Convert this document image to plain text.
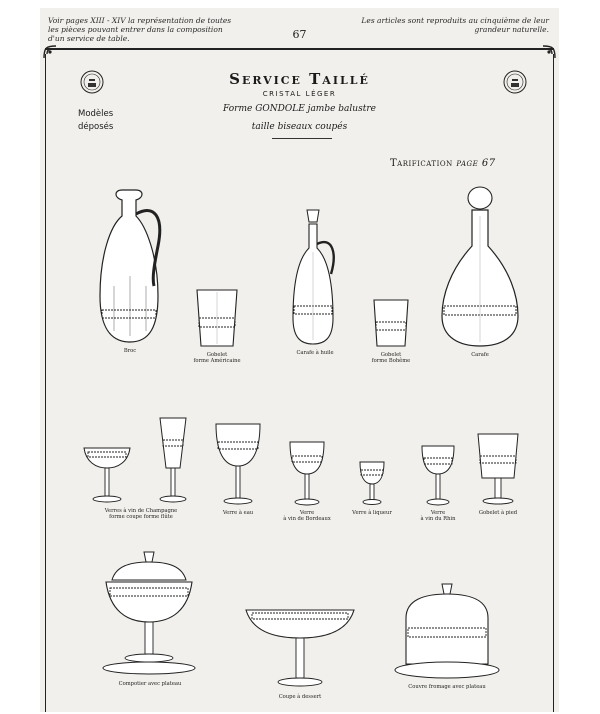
Voir pages XIII - XIV la représentation de toutes les pièces pouvant entrer dans la composition d'un service de table.	67
Les articles sont reproduits au cinquième de leur grandeur naturelle.
Service Taillé
CRISTAL LÉGER
Forme GONDOLE jambe balustre
taille biseaux coupés
Modèles
déposés
Tarification page 67
Broc
Gobelet
forme Américaine
Carafe à huile	Gobelet
forme Bohême
Carafe
Verres à vin de Champagne
forme coupe forme flûte
Verre à eau	Verre
à vin de Bordeaux
Verre à liqueur	Verre
à vin du Rhin
Gobelet à pied
Compotier avec plateau
Coupe à dessert
Couvre fromage avec plateau
